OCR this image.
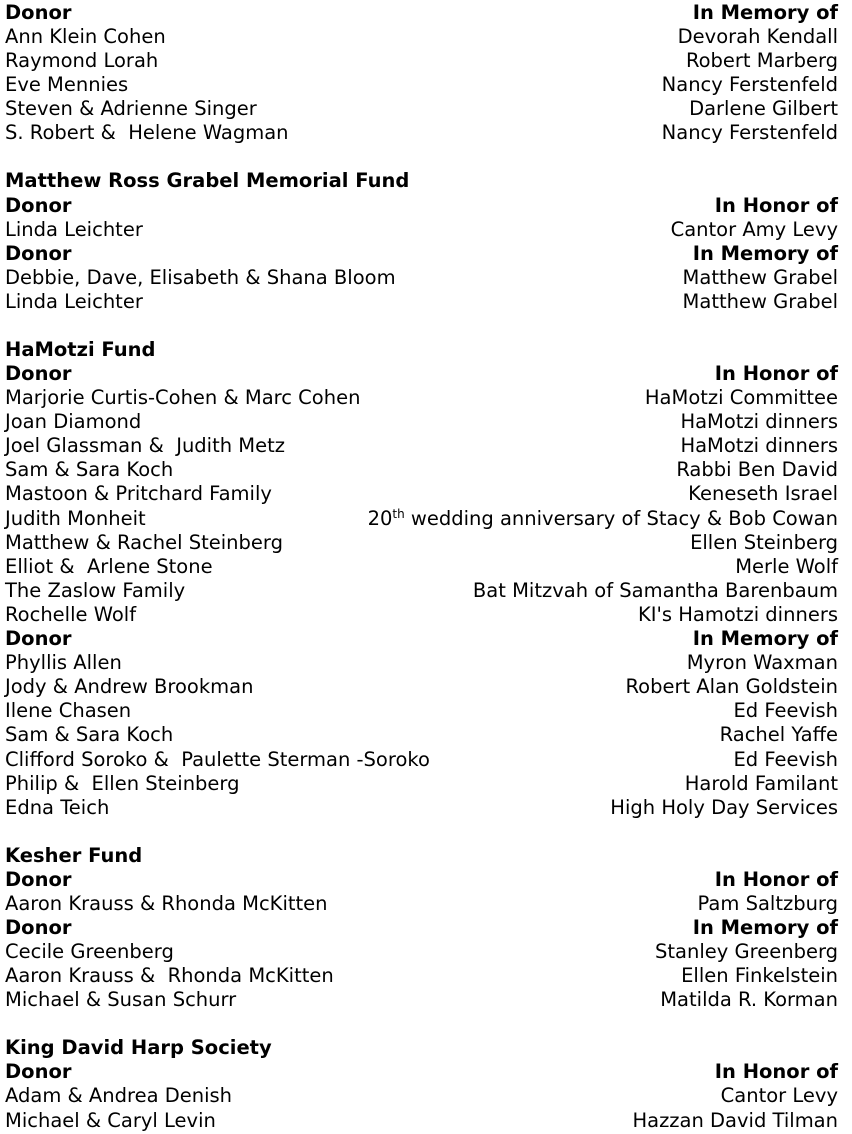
Donor	In Memory of
Ann Klein Cohen	Devorah Kendall
Raymond Lorah	Robert Marberg
Eve Mennies	Nancy Ferstenfeld
Steven & Adrienne Singer	Darlene Gilbert
S. Robert &  Helene Wagman	Nancy Ferstenfeld
Matthew Ross Grabel Memorial Fund
Donor	In Honor of
Linda Leichter	Cantor Amy Levy
Donor	In Memory of
Debbie, Dave, Elisabeth & Shana Bloom	Matthew Grabel
Linda Leichter	Matthew Grabel
HaMotzi Fund
Donor	In Honor of
Marjorie Curtis-Cohen & Marc Cohen	HaMotzi Committee
Joan Diamond	HaMotzi dinners
Joel Glassman &  Judith Metz	HaMotzi dinners
Sam & Sara Koch	Rabbi Ben David
Mastoon & Pritchard Family	Keneseth Israel
Judith Monheit	20th wedding anniversary of Stacy & Bob Cowan
Matthew & Rachel Steinberg	Ellen Steinberg
Elliot &  Arlene Stone	Merle Wolf
The Zaslow Family	Bat Mitzvah of Samantha Barenbaum
Rochelle Wolf	KI's Hamotzi dinners
Donor	In Memory of
Phyllis Allen	Myron Waxman
Jody & Andrew Brookman	Robert Alan Goldstein
Ilene Chasen	Ed Feevish
Sam & Sara Koch	Rachel Yaffe
Clifford Soroko &  Paulette Sterman -Soroko	Ed Feevish
Philip &  Ellen Steinberg	Harold Familant
Edna Teich	High Holy Day Services
Kesher Fund
Donor	In Honor of
Aaron Krauss & Rhonda McKitten	Pam Saltzburg
Donor	In Memory of
Cecile Greenberg	Stanley Greenberg
Aaron Krauss &  Rhonda McKitten	Ellen Finkelstein
Michael & Susan Schurr	Matilda R. Korman
King David Harp Society
Donor	In Honor of
Adam & Andrea Denish	Cantor Levy
Michael & Caryl Levin	Hazzan David Tilman
